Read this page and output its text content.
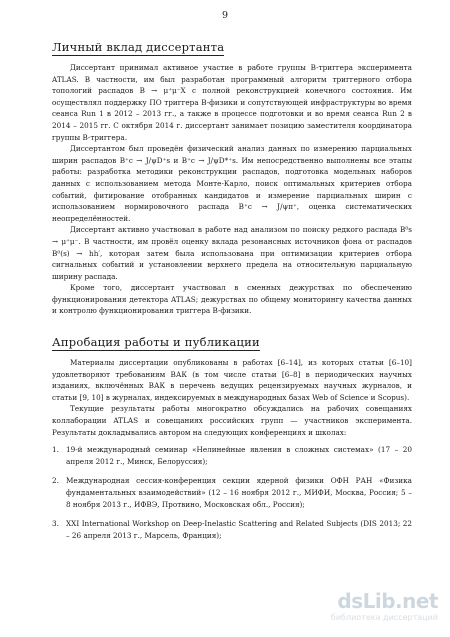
9
Личный вклад диссертанта

Диссертант принимал активное участие в работе группы B-триггера эксперимента ATLAS. В частности, им был разработан программный алгоритм триггерного отбора топологий распадов B → μ⁺μ⁻X с полной реконструкцией конечного состояния. Им осуществлял поддержку ПО триггера B-физики и сопутствующей инфраструктуры во время сеанса Run 1 в 2012 – 2013 гг., а также в процессе подготовки и во время сеанса Run 2 в 2014 – 2015 гг. С октября 2014 г. диссертант занимает позицию заместителя координатора группы B-триггера.

Диссертантом был проведён физический анализ данных по измерению парциальных ширин распадов B⁺c → J/ψD⁺s и B⁺c → J/ψD*⁺s. Им непосредственно выполнены все этапы работы: разработка методики реконструкции распадов, подготовка модельных наборов данных с использованием метода Монте-Карло, поиск оптимальных критериев отбора событий, фитирование отобранных кандидатов и измерение парциальных ширин с использованием нормировочного распада B⁺c → J/ψπ⁺, оценка систематических неопределённостей.

Диссертант активно участвовал в работе над анализом по поиску редкого распада B⁰s → μ⁺μ⁻. В частности, им провёл оценку вклада резонансных источников фона от распадов B⁰(s) → hh′, которая затем была использована при оптимизации критериев отбора сигнальных событий и установлении верхнего предела на относительную парциальную ширину распада.

Кроме того, диссертант участвовал в сменных дежурствах по обеспечению функционирования детектора ATLAS; дежурствах по общему мониторингу качества данных и контролю функционирования триггера B-физики.

Апробация работы и публикации

Материалы диссертации опубликованы в работах [6–14], из которых статьи [6–10] удовлетворяют требованиям ВАК (в том числе статьи [6–8] в периодических научных изданиях, включённых ВАК в перечень ведущих рецензируемых научных журналов, и статьи [9, 10] в журналах, индексируемых в международных базах Web of Science и Scopus).

Текущие результаты работы многократно обсуждались на рабочих совещаниях коллаборации ATLAS и совещаниях российских групп — участников эксперимента. Результаты докладывались автором на следующих конференциях и школах:

1. 19-й международный семинар «Нелинейные явления в сложных системах» (17 – 20 апреля 2012 г., Минск, Белоруссия);
2. Международная сессия-конференция секции ядерной физики ОФН РАН «Физика фундаментальных взаимодействий» (12 – 16 ноября 2012 г., МИФИ, Москва, Россия; 5 – 8 ноября 2013 г., ИФВЭ, Протвино, Московская обл., Россия);
3. XXI International Workshop on Deep-Inelastic Scattering and Related Subjects (DIS 2013; 22 – 26 апреля 2013 г., Марсель, Франция);
dsLib.net
библиотека диссертаций
